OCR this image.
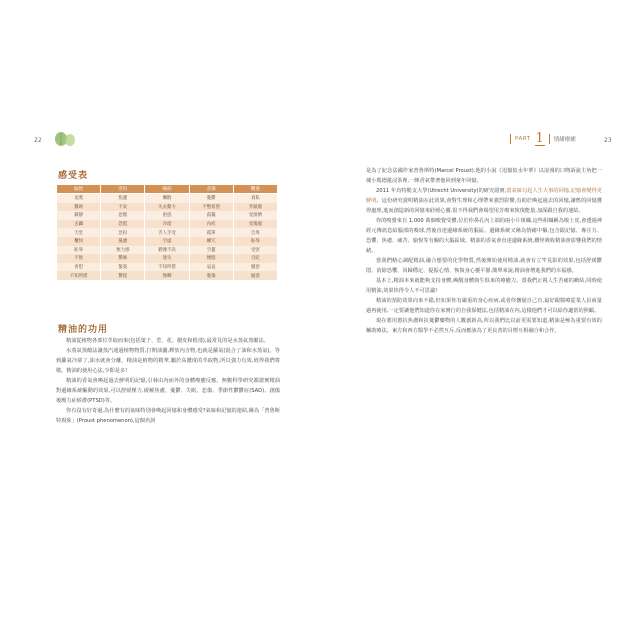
22
感受表
愉悅	害怕	痛病	悲傷	難過
逗奧	焦慮	懶散	憂鬱	真私
羅助	不安	失去動力	不整希望	肯頭處
鎮靜	惡懷	困惑	孤獨	受排擠
丟蠲	恐慌	冷漠	內疚	受傷風
天堂	急扣	舌人手受	孤單	自卑
欖快	憂慮	空虛	練冗	恥辱
恥辱	無力感	猶豫不決	空蓋	受害
不悅	驚修	迷失	懊悶	自貶
喜慰	緊張	不知所措	哀哀	厭惡
不知所措	驚惶	無聊	憂傷	疑惑
精油的功用

精油從植物各部位萃取而來(包括葉子、莖、花、樹皮和根部),最常見的是水蒸氣蒸餾法。

水蒸氣蒸餾法讓蒸汽通過植物物質,打開油囊,釋放內含物,也就是蘿氣(混合了油和水蒸氣)。等到蘿氣冷卻了,油水就會分離。精油是植物的精華,屬於高濃度的萃取物,所以強力有效,值得我們尊敬。精油的使用心法,少即是多!

精油的香氣會喚起過去鮮明的記憶,引發由內而外的身體療癒反應。無數科學研究都證實精油對邊緣系統驅動的效果,可以舒緩壓力,緩解焦慮、憂鬱、失眠、悲傷、季節性鬱鬱症(SAD)、創傷後壓力症候群(PTSD)等。

你有沒有好奇過,為什麼有的氣味特別會喚起回憶和身體感受?氣味和記憶的連結,稱為「普魯斯特現象」(Proust phenomenon),這個名詞

PART 1 情緒療癒	23

是為了紀念法國作家普魯斯特(Marcel Proust),他的小說《追憶似水年華》以浪漫的口吻訴說主角把一塊小瑪德蓮浸茶裡,一陣香氣帶著他回到童年回憶。

2011 年烏特勒支大學(Utrecht University)的研究證實,當氣味勾起人生大事的回憶,記憶會變得更鮮明。這份研究證明精油在此效果,會對生理和心理帶來強烈影響,有助於喚起過去的回憶,讓舊的回憶獲得處理,進而創造新的回憶來紓緩心靈,很不得我們會竭望用芳療來恢復能量,加深跟自我的連結。

你的嗅覺來自 1,000 萬個嗅覺受體,位於你鼻孔內上端的兩小片組織,這些組織稱為嗅上皮,會透過神經元傳訊息給腦部的嗅球,然後直達邊緣系統的腦區。邊緣系統又稱為情緒中樞,包含跟記憶、專注力、恐懼、焦慮、痛苦、愉悅等有關的大腦區域。精油的香氣會直達邊緣系統,難怪吸收精油會影響我們的情緒。

當我們精心調配精油,融合想要的化學物質,然後開始使用精油,就會有立竿見影的效果,包括舒緩鬱悶、消除恐懼、回歸穩定、提振心情、恢復身心靈平靜,簡單來說,精油會增進我們的幸福感。

基本上,精油本來就能夠支持身體,喚醒身體與生俱來的療癒力。當我們正視人生苦痛的癥結,同時使用精油,效果快得令人不可思議!

精油的預防效果向來不錯,但如果你有嚴重的身心疾病,或者你懷疑自己有,最好跟醫療從業人員商量過再使用,一定要讓他們知道你在家實行的自我保健法,包括精油在內,這樣他們才可以給你適當的照顧。

現在愈用愈抗焦慮和抗憂鬱藥物的人數創新高,所以我們比以前更需要知道,精油是極為重要有效的輔助療法。東方和西方醫學不必然互斥,反而應該為了更良善的目標互相融合和合作。
